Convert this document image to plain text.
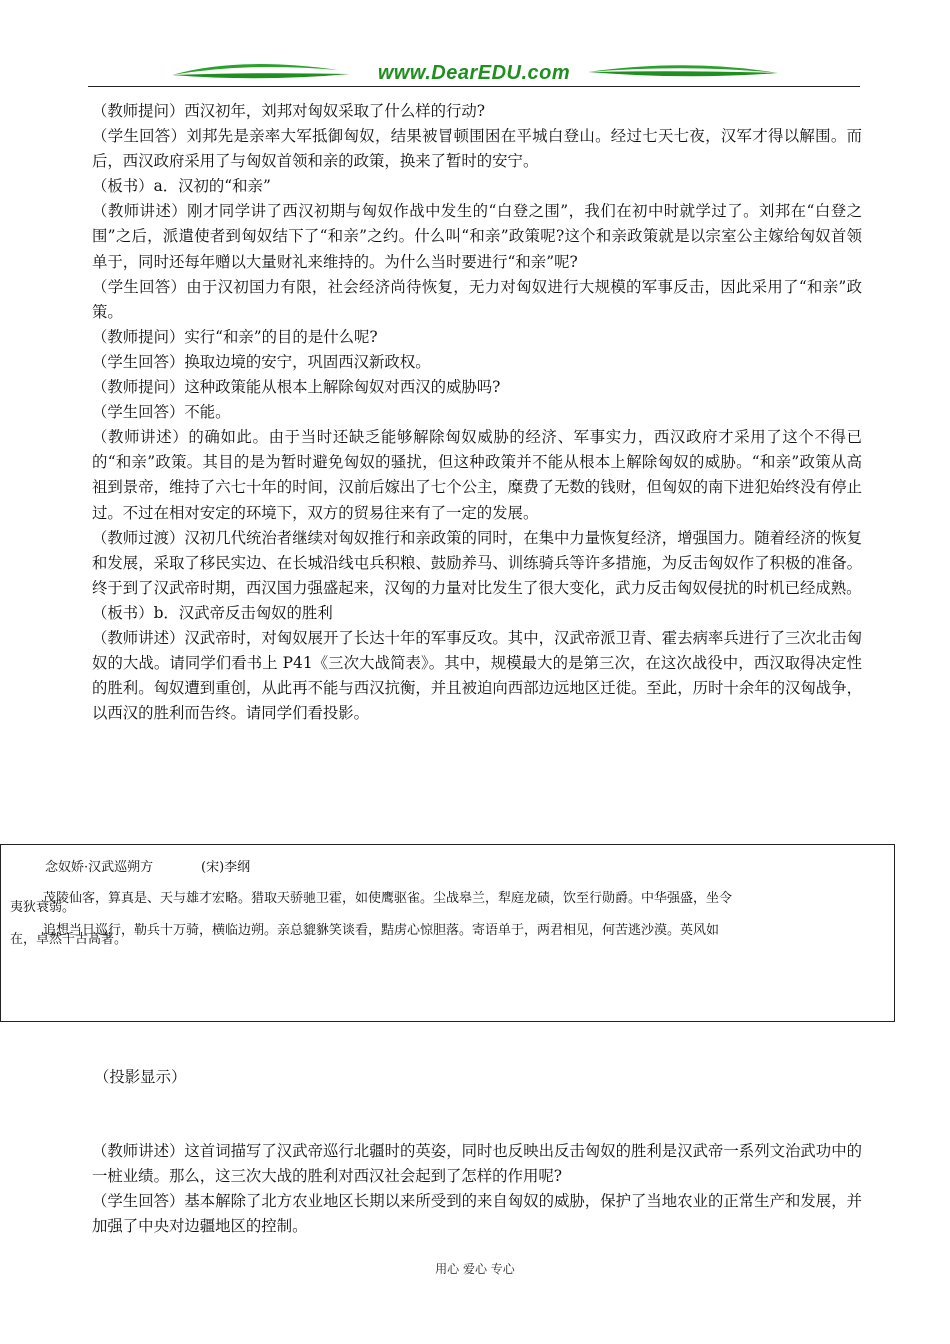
www.DearEDU.com

（教师提问）西汉初年，刘邦对匈奴采取了什么样的行动?

（学生回答）刘邦先是亲率大军抵御匈奴，结果被冒顿围困在平城白登山。经过七天七夜，汉军才得以解围。而后，西汉政府采用了与匈奴首领和亲的政策，换来了暂时的安宁。

（板书）a．汉初的“和亲”

（教师讲述）刚才同学讲了西汉初期与匈奴作战中发生的“白登之围”，我们在初中时就学过了。刘邦在“白登之围”之后，派遣使者到匈奴结下了“和亲”之约。什么叫“和亲”政策呢?这个和亲政策就是以宗室公主嫁给匈奴首领单于，同时还每年赠以大量财礼来维持的。为什么当时要进行“和亲”呢?

（学生回答）由于汉初国力有限，社会经济尚待恢复，无力对匈奴进行大规模的军事反击，因此采用了“和亲”政策。

（教师提问）实行“和亲”的目的是什么呢?

（学生回答）换取边境的安宁，巩固西汉新政权。

（教师提问）这种政策能从根本上解除匈奴对西汉的威胁吗?

（学生回答）不能。

（教师讲述）的确如此。由于当时还缺乏能够解除匈奴威胁的经济、军事实力，西汉政府才采用了这个不得已的“和亲”政策。其目的是为暂时避免匈奴的骚扰，但这种政策并不能从根本上解除匈奴的威胁。“和亲”政策从高祖到景帝，维持了六七十年的时间，汉前后嫁出了七个公主，糜费了无数的钱财，但匈奴的南下进犯始终没有停止过。不过在相对安定的环境下，双方的贸易往来有了一定的发展。

（教师过渡）汉初几代统治者继续对匈奴推行和亲政策的同时，在集中力量恢复经济，增强国力。随着经济的恢复和发展，采取了移民实边、在长城沿线屯兵积粮、鼓励养马、训练骑兵等许多措施，为反击匈奴作了积极的准备。终于到了汉武帝时期，西汉国力强盛起来，汉匈的力量对比发生了很大变化，武力反击匈奴侵扰的时机已经成熟。

（板书）b．汉武帝反击匈奴的胜利

（教师讲述）汉武帝时，对匈奴展开了长达十年的军事反攻。其中，汉武帝派卫青、霍去病率兵进行了三次北击匈奴的大战。请同学们看书上 P41《三次大战简表》。其中，规模最大的是第三次，在这次战役中，西汉取得决定性的胜利。匈奴遭到重创，从此再不能与西汉抗衡，并且被迫向西部边远地区迁徙。至此，历时十余年的汉匈战争，以西汉的胜利而告终。请同学们看投影。

念奴娇·汉武巡朔方	(宋)李纲

茂陵仙客，算真是、天与雄才宏略。猎取天骄驰卫霍，如使鹰驱雀。尘战皋兰，犁庭龙碛，饮至行勋爵。中华强盛，坐令

追想当日巡行，勒兵十万骑，横临边朔。亲总貔貅笑谈看，黠虏心惊胆落。寄语单于，两君相见，何苦逃沙漠。英风如

夷狄衰弱。

在，卓然千古高著。

（投影显示）

（教师讲述）这首词描写了汉武帝巡行北疆时的英姿，同时也反映出反击匈奴的胜利是汉武帝一系列文治武功中的一桩业绩。那么，这三次大战的胜利对西汉社会起到了怎样的作用呢?

（学生回答）基本解除了北方农业地区长期以来所受到的来自匈奴的威胁，保护了当地农业的正常生产和发展，并加强了中央对边疆地区的控制。

用心 爱心 专心
